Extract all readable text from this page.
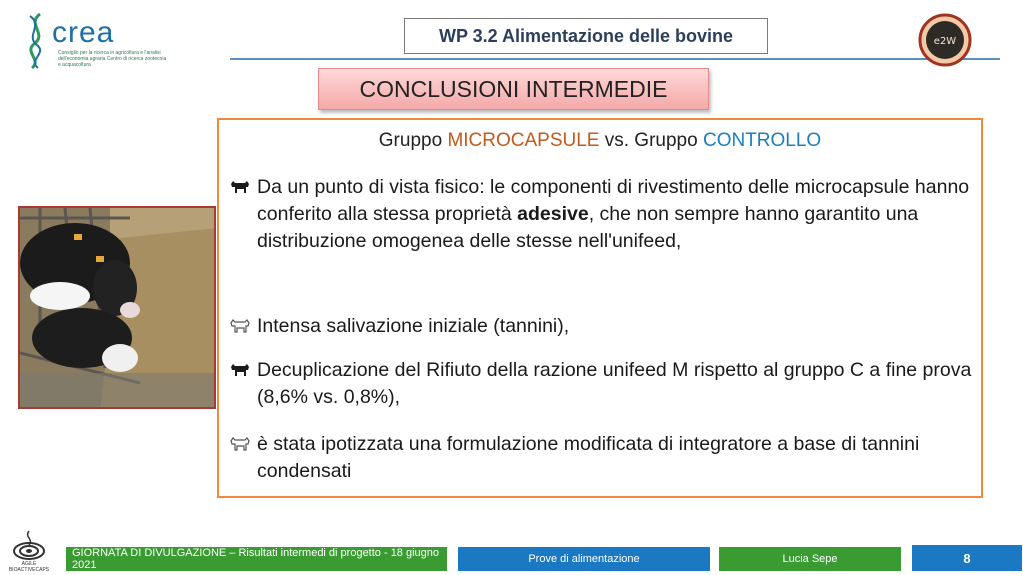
crea
Consiglio per la ricerca in agricoltura e l'analisi dell'economia agraria Centro di ricerca zootecnia e acquacoltura
WP 3.2 Alimentazione delle bovine	e2W
CONCLUSIONI INTERMEDIE
Gruppo MICROCAPSULE vs. Gruppo CONTROLLO
Da un punto di vista fisico: le componenti di rivestimento delle microcapsule hanno conferito alla stessa proprietà adesive, che non sempre hanno garantito una distribuzione omogenea delle stesse nell'unifeed,
Intensa salivazione iniziale (tannini),
Decuplicazione del Rifiuto della razione unifeed M rispetto al gruppo C a fine prova (8,6% vs. 0,8%),
è stata ipotizzata una formulazione modificata di integratore a base di tannini condensati
AGILE BIOACTIVECAPS
GIORNATA DI DIVULGAZIONE – Risultati intermedi di progetto - 18 giugno 2021	Prove di alimentazione	Lucia Sepe	8
